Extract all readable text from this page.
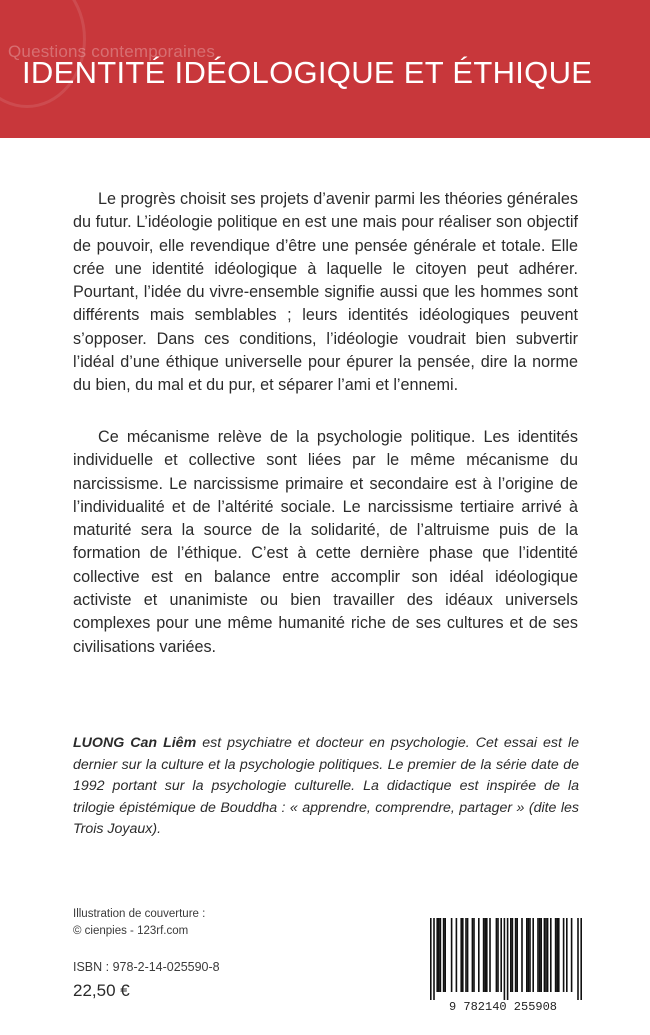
Questions contemporaines
IDENTITÉ IDÉOLOGIQUE ET ÉTHIQUE

Le progrès choisit ses projets d’avenir parmi les théories générales du futur. L’idéologie politique en est une mais pour réaliser son objectif de pouvoir, elle revendique d’être une pensée générale et totale. Elle crée une identité idéologique à laquelle le citoyen peut adhérer. Pourtant, l’idée du vivre-ensemble signifie aussi que les hommes sont différents mais semblables ; leurs identités idéologiques peuvent s’opposer. Dans ces conditions, l’idéologie voudrait bien subvertir l’idéal d’une éthique universelle pour épurer la pensée, dire la norme du bien, du mal et du pur, et séparer l’ami et l’ennemi.

Ce mécanisme relève de la psychologie politique. Les identités individuelle et collective sont liées par le même mécanisme du narcissisme. Le narcissisme primaire et secondaire est à l’origine de l’individualité et de l’altérité sociale. Le narcissisme tertiaire arrivé à maturité sera la source de la solidarité, de l’altruisme puis de la formation de l’éthique. C’est à cette dernière phase que l’identité collective est en balance entre accomplir son idéal idéologique activiste et unanimiste ou bien travailler des idéaux universels complexes pour une même humanité riche de ses cultures et de ses civilisations variées.

LUONG Can Liêm est psychiatre et docteur en psychologie. Cet essai est le dernier sur la culture et la psychologie politiques. Le premier de la série date de 1992 portant sur la psychologie culturelle. La didactique est inspirée de la trilogie épistémique de Bouddha : « apprendre, comprendre, partager » (dite les Trois Joyaux).

Illustration de couverture :
© cienpies - 123rf.com
ISBN : 978-2-14-025590-8
22,50 €
9 782140 255908
